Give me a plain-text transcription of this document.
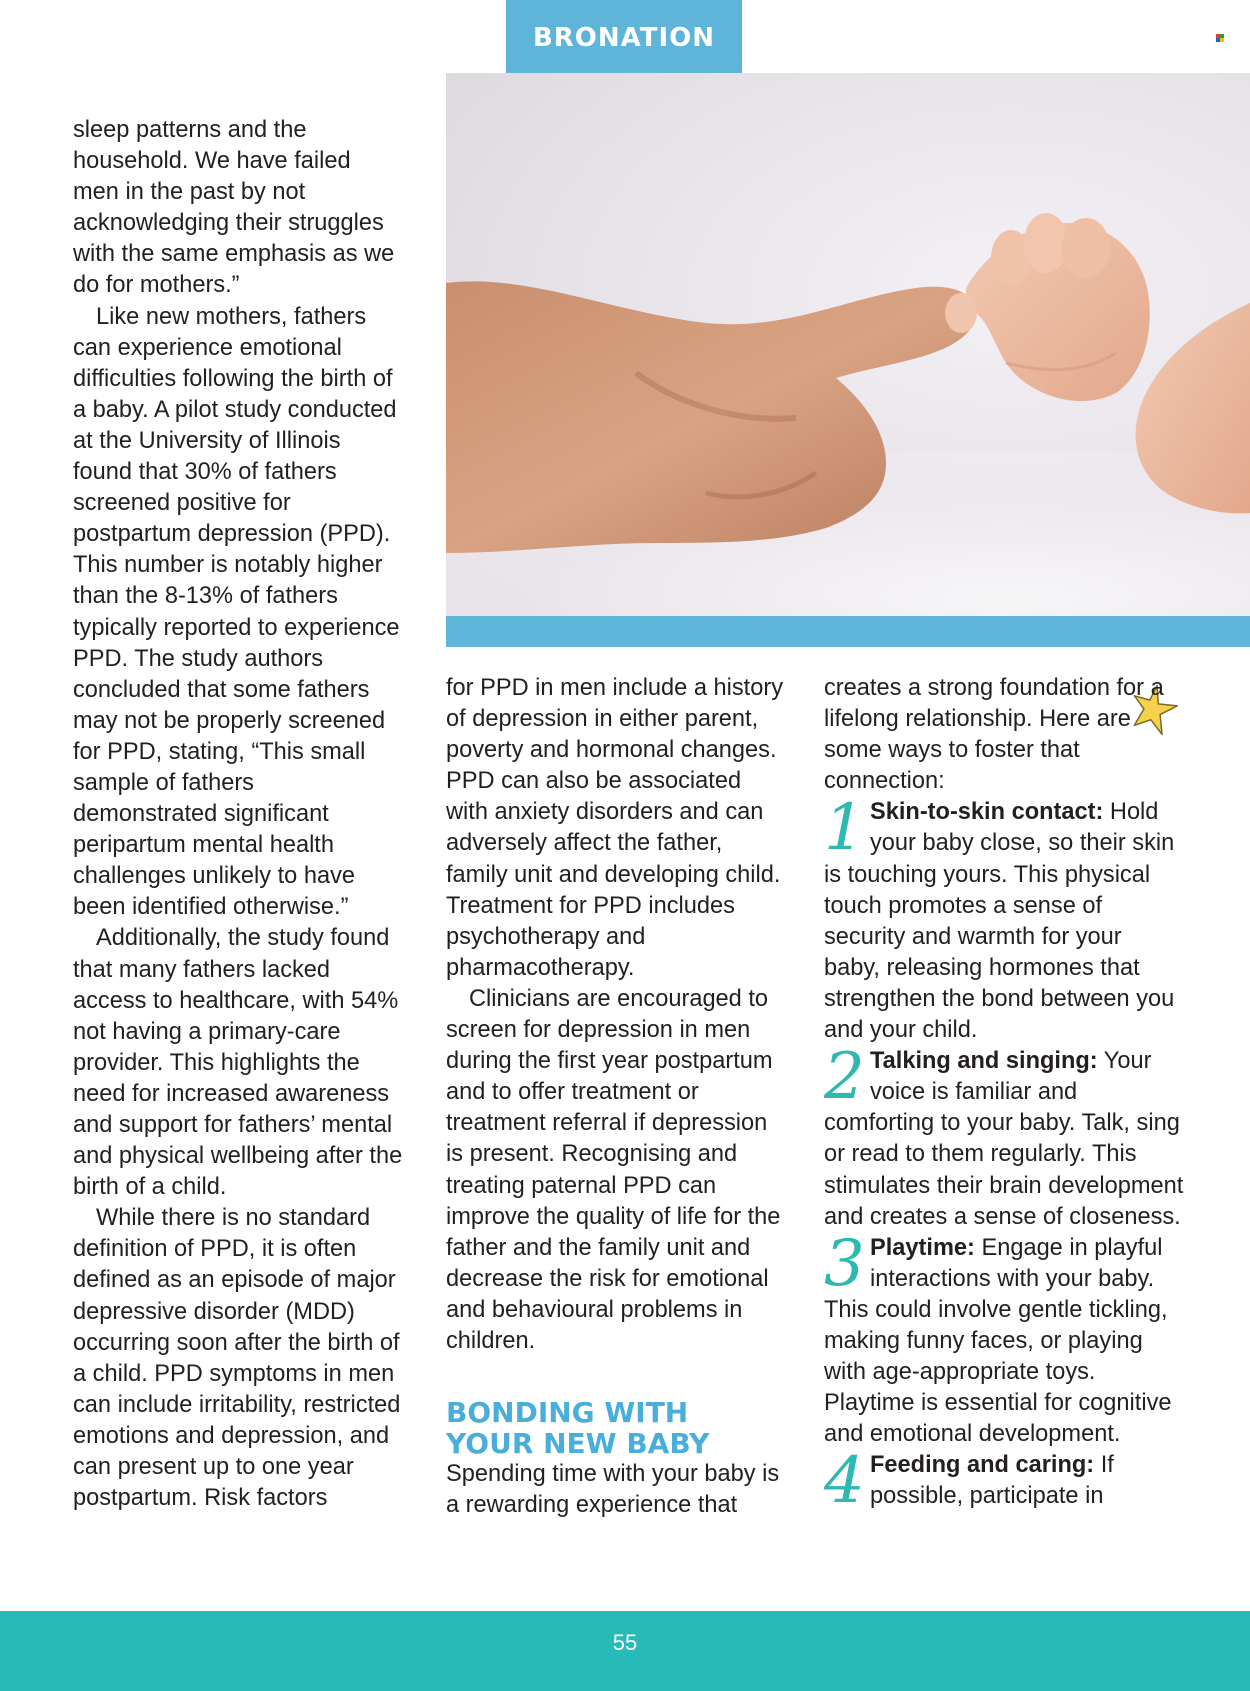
BRONATION

sleep patterns and the household. We have failed men in the past by not acknowledging their struggles with the same emphasis as we do for mothers.”

Like new mothers, fathers can experience emotional difficulties following the birth of a baby. A pilot study conducted at the University of Illinois found that 30% of fathers screened positive for postpartum depression (PPD). This number is notably higher than the 8-13% of fathers typically reported to experience PPD. The study authors concluded that some fathers may not be properly screened for PPD, stating, “This small sample of fathers demonstrated significant peripartum mental health challenges unlikely to have been identified otherwise.”

Additionally, the study found that many fathers lacked access to healthcare, with 54% not having a primary-care provider. This highlights the need for increased awareness and support for fathers’ mental and physical wellbeing after the birth of a child.

While there is no standard definition of PPD, it is often defined as an episode of major depressive disorder (MDD) occurring soon after the birth of a child. PPD symptoms in men can include irritability, restricted emotions and depression, and can present up to one year postpartum. Risk factors

for PPD in men include a history of depression in either parent, poverty and hormonal changes. PPD can also be associated with anxiety disorders and can adversely affect the father, family unit and developing child. Treatment for PPD includes psychotherapy and pharmacotherapy.

Clinicians are encouraged to screen for depression in men during the first year postpartum and to offer treatment or treatment referral if depression is present. Recognising and treating paternal PPD can improve the quality of life for the father and the family unit and decrease the risk for emotional and behavioural problems in children.

BONDING WITH
YOUR NEW BABY

Spending time with your baby is a rewarding experience that

creates a strong foundation for a lifelong relationship. Here are some ways to foster that connection:

1 Skin-to-skin contact: Hold your baby close, so their skin is touching yours. This physical touch promotes a sense of security and warmth for your baby, releasing hormones that strengthen the bond between you and your child.
2 Talking and singing: Your voice is familiar and comforting to your baby. Talk, sing or read to them regularly. This stimulates their brain development and creates a sense of closeness.
3 Playtime: Engage in playful interactions with your baby. This could involve gentle tickling, making funny faces, or playing with age-appropriate toys. Playtime is essential for cognitive and emotional development.
4 Feeding and caring: If possible, participate in
55
